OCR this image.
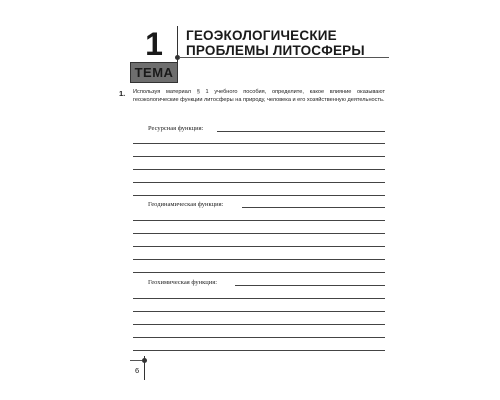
1	ГЕОЭКОЛОГИЧЕСКИЕ ПРОБЛЕМЫ ЛИТОСФЕРЫ
ТЕМА
1. Используя материал § 1 учебного пособия, определите, какое влияние оказывают геоэкологические функции литосферы на природу, человека и его хозяйственную деятельность.
Ресурсная функция:
Геодинамическая функция:
Геохимическая функция:
6
